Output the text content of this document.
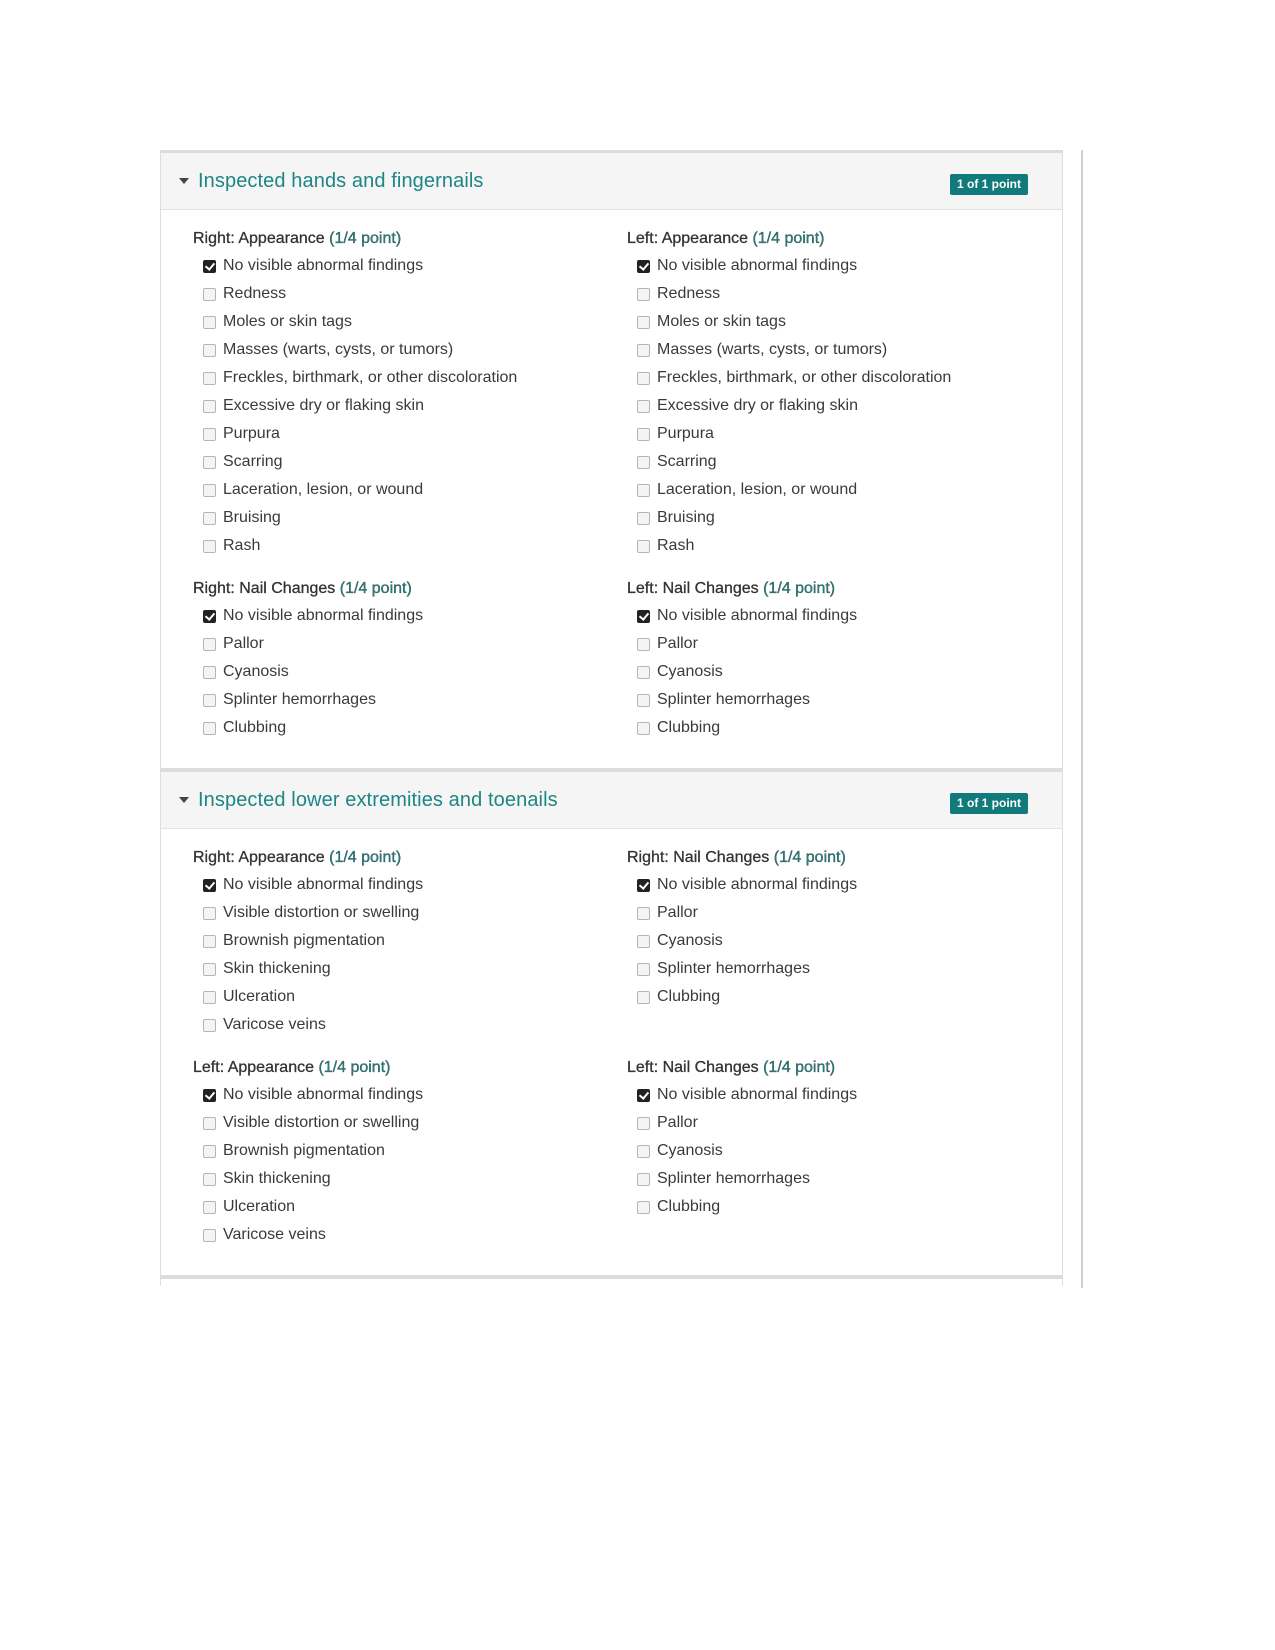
Inspected hands and fingernails	1 of 1 point
Right: Appearance (1/4 point)
No visible abnormal findings
Redness
Moles or skin tags
Masses (warts, cysts, or tumors)
Freckles, birthmark, or other discoloration
Excessive dry or flaking skin
Purpura
Scarring
Laceration, lesion, or wound
Bruising
Rash
Left: Appearance (1/4 point)
No visible abnormal findings
Redness
Moles or skin tags
Masses (warts, cysts, or tumors)
Freckles, birthmark, or other discoloration
Excessive dry or flaking skin
Purpura
Scarring
Laceration, lesion, or wound
Bruising
Rash
Right: Nail Changes (1/4 point)
No visible abnormal findings
Pallor
Cyanosis
Splinter hemorrhages
Clubbing
Left: Nail Changes (1/4 point)
No visible abnormal findings
Pallor
Cyanosis
Splinter hemorrhages
Clubbing
Inspected lower extremities and toenails	1 of 1 point
Right: Appearance (1/4 point)
No visible abnormal findings
Visible distortion or swelling
Brownish pigmentation
Skin thickening
Ulceration
Varicose veins
Right: Nail Changes (1/4 point)
No visible abnormal findings
Pallor
Cyanosis
Splinter hemorrhages
Clubbing
Left: Appearance (1/4 point)
No visible abnormal findings
Visible distortion or swelling
Brownish pigmentation
Skin thickening
Ulceration
Varicose veins
Left: Nail Changes (1/4 point)
No visible abnormal findings
Pallor
Cyanosis
Splinter hemorrhages
Clubbing
